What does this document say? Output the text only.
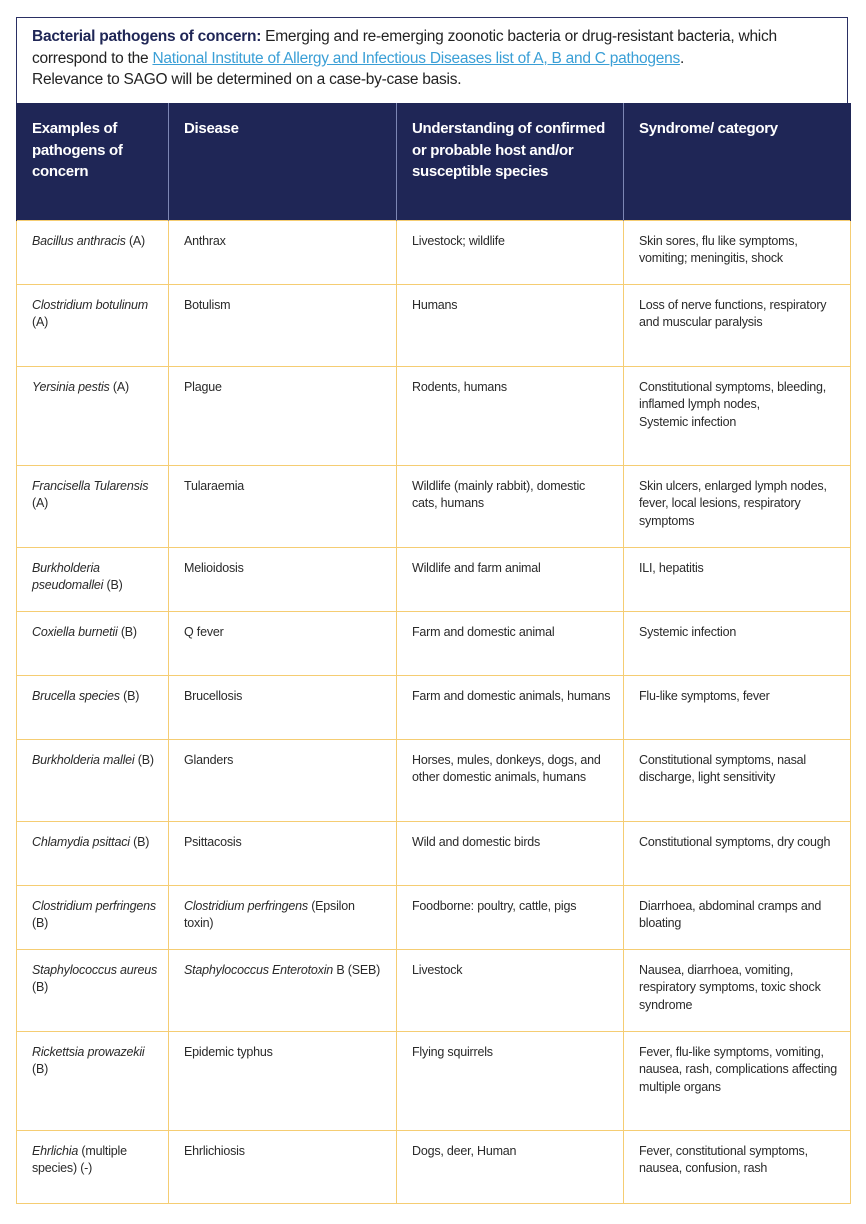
Bacterial pathogens of concern: Emerging and re-emerging zoonotic bacteria or drug-resistant bacteria, which correspond to the National Institute of Allergy and Infectious Diseases list of A, B and C pathogens.
Relevance to SAGO will be determined on a case-by-case basis.
Examples of pathogens of concern	Disease	Understanding of confirmed or probable host and/or susceptible species	Syndrome/ category
Bacillus anthracis (A)	Anthrax	Livestock; wildlife	Skin sores, flu like symptoms, vomiting; meningitis, shock
Clostridium botulinum (A)	Botulism	Humans	Loss of nerve functions, respiratory and muscular paralysis
Yersinia pestis (A)	Plague	Rodents, humans	Constitutional symptoms, bleeding, inflamed lymph nodes,
Systemic infection
Francisella Tularensis (A)	Tularaemia	Wildlife (mainly rabbit), domestic cats, humans	Skin ulcers, enlarged lymph nodes, fever, local lesions, respiratory symptoms
Burkholderia pseudomallei (B)	Melioidosis	Wildlife and farm animal	ILI, hepatitis
Coxiella burnetii (B)	Q fever	Farm and domestic animal	Systemic infection
Brucella species (B)	Brucellosis	Farm and domestic animals, humans	Flu-like symptoms, fever
Burkholderia mallei (B)	Glanders	Horses, mules, donkeys, dogs, and other domestic animals, humans	Constitutional symptoms, nasal discharge, light sensitivity
Chlamydia psittaci (B)	Psittacosis	Wild and domestic birds	Constitutional symptoms, dry cough
Clostridium perfringens (B)	Clostridium perfringens (Epsilon toxin)	Foodborne: poultry, cattle, pigs	Diarrhoea, abdominal cramps and bloating
Staphylococcus aureus (B)	Staphylococcus Enterotoxin B (SEB)	Livestock	Nausea, diarrhoea, vomiting, respiratory symptoms, toxic shock syndrome
Rickettsia prowazekii (B)	Epidemic typhus	Flying squirrels	Fever, flu-like symptoms, vomiting, nausea, rash, complications affecting multiple organs
Ehrlichia (multiple species) (-)	Ehrlichiosis	Dogs, deer, Human	Fever, constitutional symptoms, nausea, confusion, rash
